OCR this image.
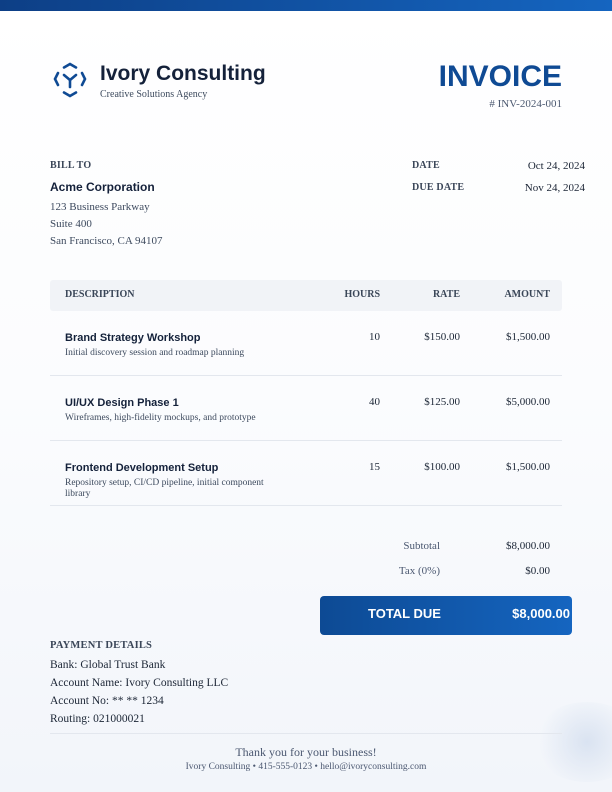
Ivory Consulting
Creative Solutions Agency
INVOICE
# INV-2024-001
BILL TO
Acme Corporation
123 Business Parkway
Suite 400
San Francisco, CA 94107
DATE	Oct 24, 2024
DUE DATE	Nov 24, 2024
DESCRIPTION	HOURS	RATE	AMOUNT
Brand Strategy Workshop
Initial discovery session and roadmap planning
10	$150.00	$1,500.00
UI/UX Design Phase 1
Wireframes, high-fidelity mockups, and prototype
40	$125.00	$5,000.00
Frontend Development Setup
Repository setup, CI/CD pipeline, initial component library
15	$100.00	$1,500.00
Subtotal	$8,000.00
Tax (0%)	$0.00
TOTAL DUE	$8,000.00
PAYMENT DETAILS
Bank: Global Trust Bank
Account Name: Ivory Consulting LLC
Account No: ** ** 1234
Routing: 021000021
Thank you for your business!
Ivory Consulting • 415-555-0123 • hello@ivoryconsulting.com
